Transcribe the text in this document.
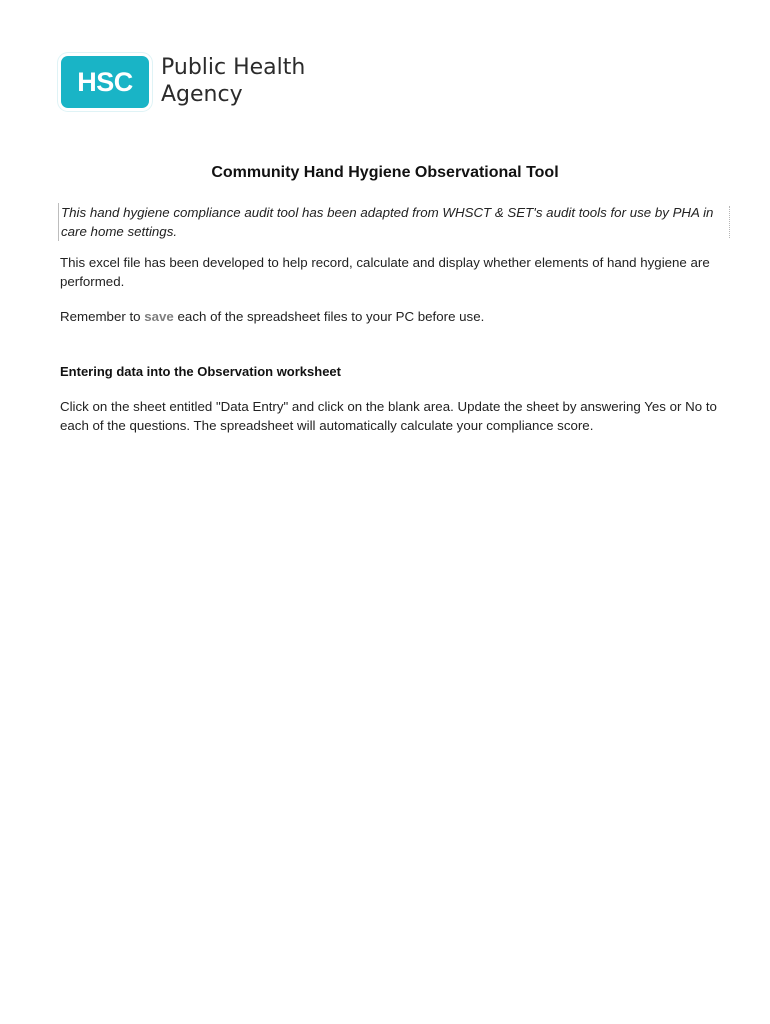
HSC	Public Health
Agency
Community Hand Hygiene Observational Tool

This hand hygiene compliance audit tool has been adapted from WHSCT & SET's audit tools for use by PHA in care home settings.

This excel file has been developed to help record, calculate and display whether elements of hand hygiene are performed.

Remember to save each of the spreadsheet files to your PC before use.

Entering data into the Observation worksheet

Click on the sheet entitled "Data Entry" and click on the blank area. Update the sheet by answering Yes or No to each of the questions. The spreadsheet will automatically calculate your compliance score.
